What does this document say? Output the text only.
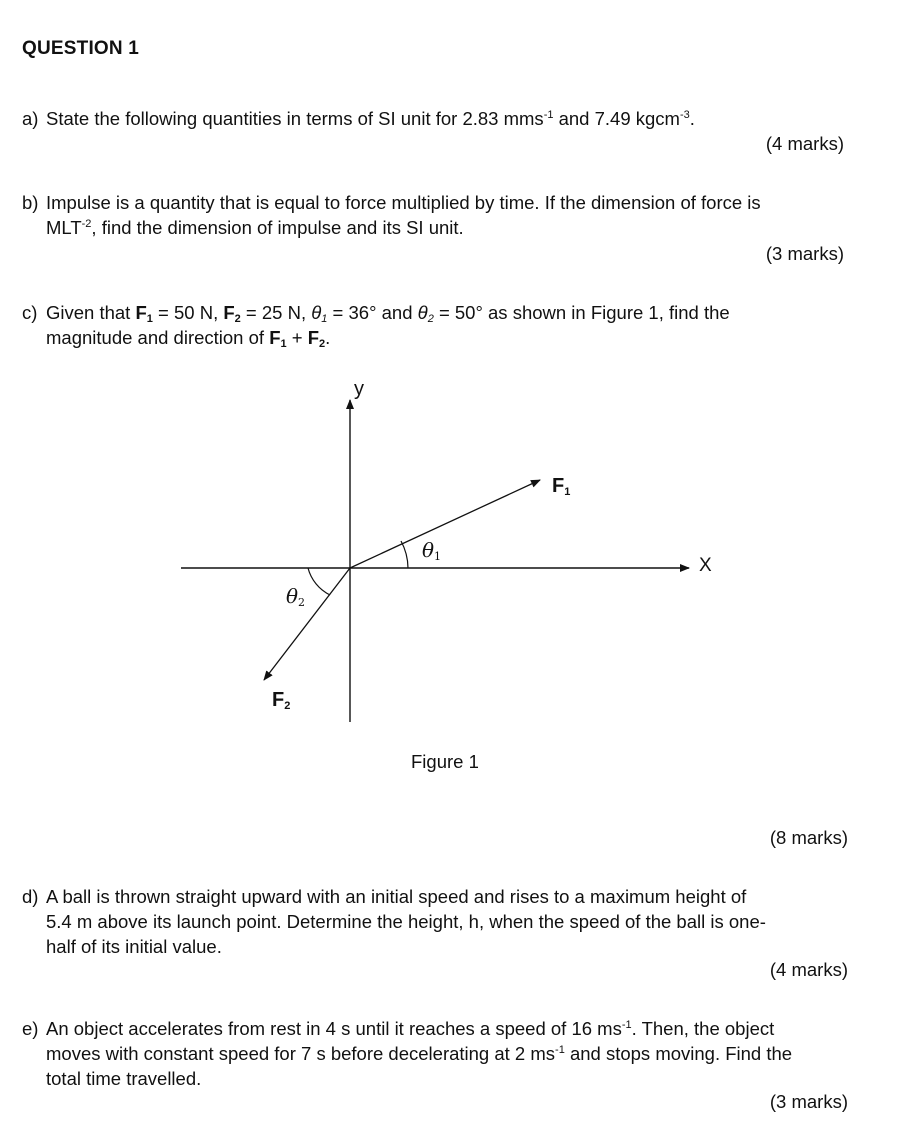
QUESTION 1
a) State the following quantities in terms of SI unit for 2.83 mms$^{-1}$ and 7.49 kgcm$^{-3}$.
(4 marks)
b) Impulse is a quantity that is equal to force multiplied by time. If the dimension of force is
$MLT^{-2}$, find the dimension of impulse and its SI unit.
(3 marks)
c) Given that $F_1 = 50$ N, $F_2 = 25$ N, $\theta_1 = 36^\circ$ and $\theta_2 = 50^\circ$ as shown in Figure 1, find the
magnitude and direction of $F_1 + F_2$.
y
X
$F_1$
$F_2$
$\theta_1$
$\theta_2$
Figure 1
(8 marks)
d) A ball is thrown straight upward with an initial speed and rises to a maximum height of
5.4 m above its launch point. Determine the height, h, when the speed of the ball is one-
half of its initial value.
(4 marks)
e) An object accelerates from rest in 4 s until it reaches a speed of 16 $ms^{-1}$. Then, the object
moves with constant speed for 7 s before decelerating at 2 $ms^{-1}$ and stops moving. Find the
total time travelled.
(3 marks)
